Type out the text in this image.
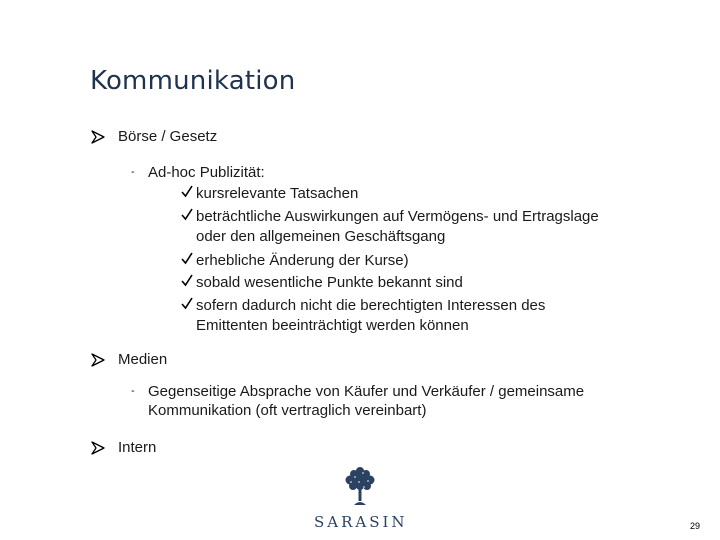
Kommunikation
Börse / Gesetz
- Ad-hoc Publizität:
kursrelevante Tatsachen
beträchtliche Auswirkungen auf Vermögens- und Ertragslage
oder den allgemeinen Geschäftsgang
erhebliche Änderung der Kurse)
sobald wesentliche Punkte bekannt sind
sofern dadurch nicht die berechtigten Interessen des
Emittenten beeinträchtigt werden können
Medien
- Gegenseitige Absprache von Käufer und Verkäufer / gemeinsame
Kommunikation (oft vertraglich vereinbart)
Intern
SARASIN	29
